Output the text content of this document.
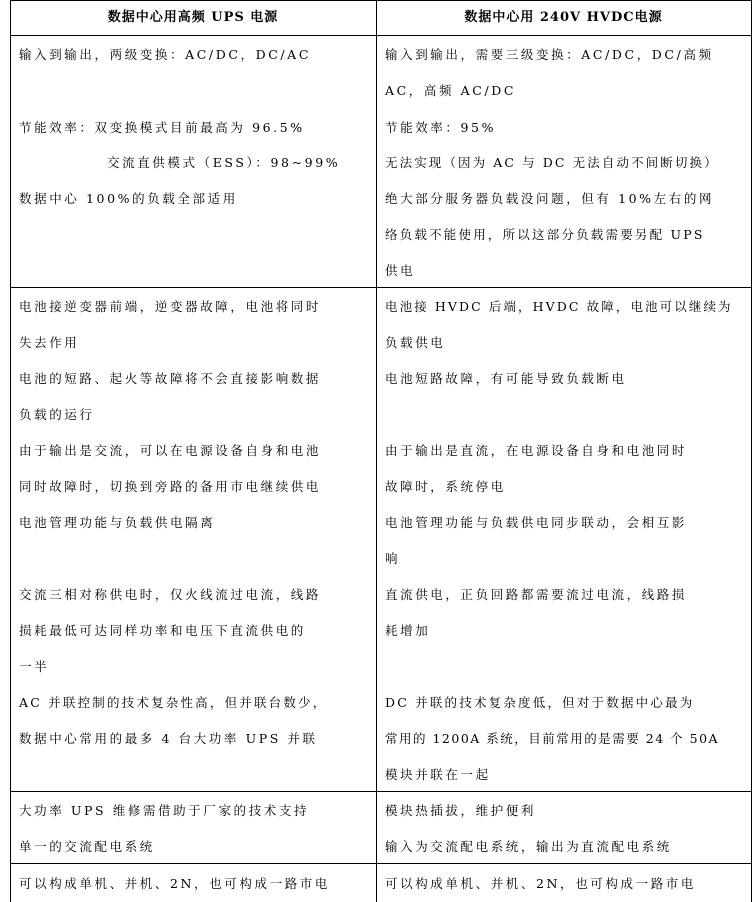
数据中心用高频 UPS 电源	数据中心用 240V HVDC电源
输入到输出，两级变换：AC/DC，DC/AC
节能效率：双变换模式目前最高为 96.5%
交流直供模式（ESS）：98~99%
数据中心 100%的负载全部适用
输入到输出，需要三级变换：AC/DC，DC/高频
AC，高频 AC/DC
节能效率：95%
无法实现（因为 AC 与 DC 无法自动不间断切换）
绝大部分服务器负载没问题，但有 10%左右的网
络负载不能使用，所以这部分负载需要另配 UPS
供电
电池接逆变器前端，逆变器故障，电池将同时
失去作用
电池的短路、起火等故障将不会直接影响数据
负载的运行
由于输出是交流，可以在电源设备自身和电池
同时故障时，切换到旁路的备用市电继续供电
电池管理功能与负载供电隔离
交流三相对称供电时，仅火线流过电流，线路
损耗最低可达同样功率和电压下直流供电的
一半
AC 并联控制的技术复杂性高，但并联台数少，
数据中心常用的最多 4 台大功率 UPS 并联
电池接 HVDC 后端，HVDC 故障，电池可以继续为
负载供电
电池短路故障，有可能导致负载断电
由于输出是直流，在电源设备自身和电池同时
故障时，系统停电
电池管理功能与负载供电同步联动，会相互影
响
直流供电，正负回路都需要流过电流，线路损
耗增加
DC 并联的技术复杂度低，但对于数据中心最为
常用的 1200A 系统，目前常用的是需要 24 个 50A
模块并联在一起
大功率 UPS 维修需借助于厂家的技术支持
单一的交流配电系统
模块热插拔，维护便利
输入为交流配电系统，输出为直流配电系统
可以构成单机、并机、2N，也可构成一路市电	可以构成单机、并机、2N，也可构成一路市电
